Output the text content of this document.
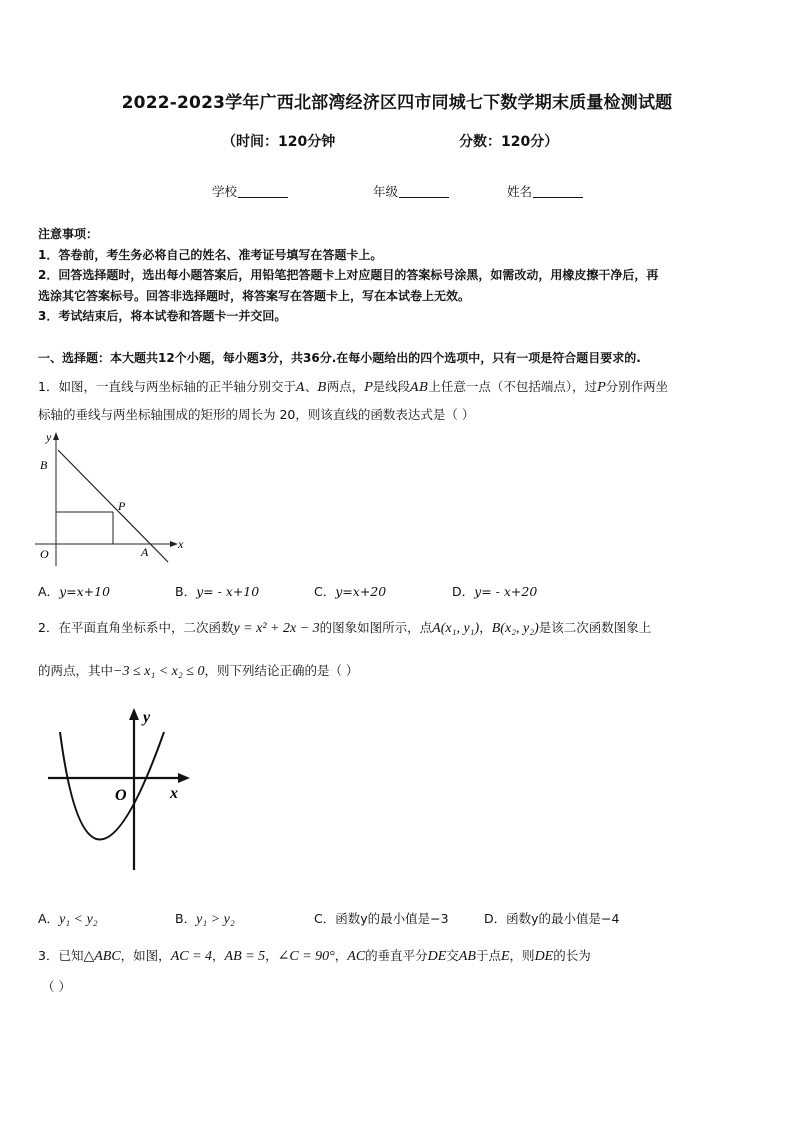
2022-2023学年广西北部湾经济区四市同城七下数学期末质量检测试题
（时间：120分钟	分数：120分）
学校	年级	姓名
注意事项：
1．答卷前，考生务必将自己的姓名、准考证号填写在答题卡上。
2．回答选择题时，选出每小题答案后，用铅笔把答题卡上对应题目的答案标号涂黑，如需改动，用橡皮擦干净后，再
选涂其它答案标号。回答非选择题时，将答案写在答题卡上，写在本试卷上无效。
3．考试结束后，将本试卷和答题卡一并交回。
一、选择题：本大题共12个小题，每小题3分，共36分.在每小题给出的四个选项中，只有一项是符合题目要求的.
1．如图，一直线与两坐标轴的正半轴分别交于A、B两点，P是线段AB上任意一点（不包括端点），过P分别作两坐
标轴的垂线与两坐标轴围成的矩形的周长为 20，则该直线的函数表达式是（ ）
y
x
B
P
O	A
A．y=x+10	B．y= - x+10	C．y=x+20	D．y= - x+20
2．在平面直角坐标系中，二次函数y = x² + 2x − 3的图象如图所示，点A(x₁, y₁)，B(x₂, y₂)是该二次函数图象上
的两点，其中−3 ≤ x₁ < x₂ ≤ 0，则下列结论正确的是（ ）
y
x
O
A．y₁ < y₂	B．y₁ > y₂	C．函数y的最小值是−3	D．函数y的最小值是−4
3．已知△ABC，如图，AC = 4，AB = 5，∠C = 90°，AC的垂直平分DE交AB于点E，则DE的长为
（ ）
